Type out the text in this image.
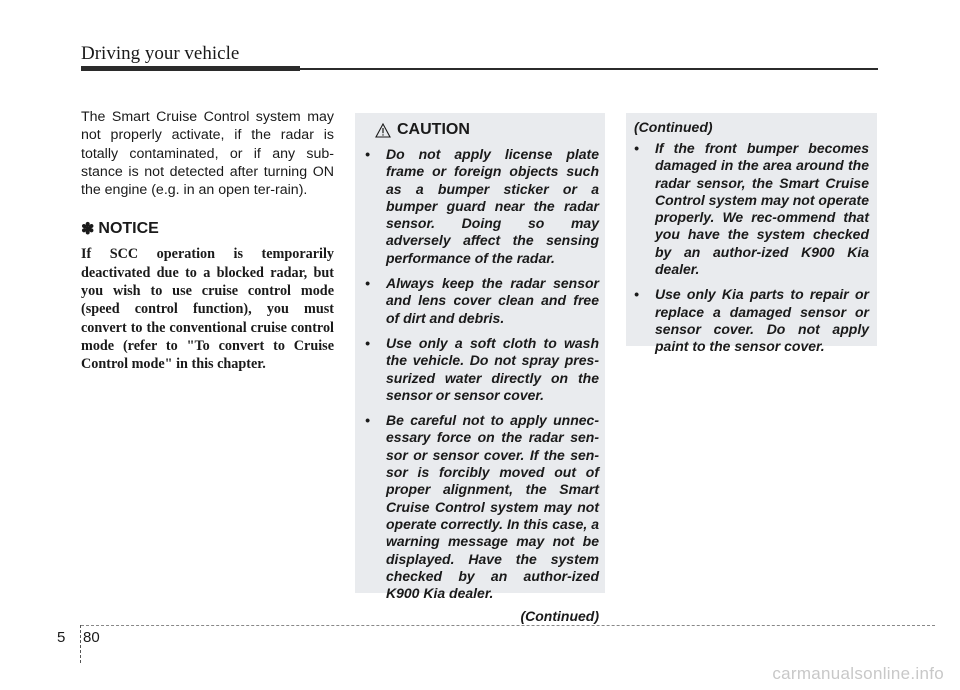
Driving your vehicle

The Smart Cruise Control system may not properly activate, if the radar is totally contaminated, or if any sub-stance is not detected after turning ON the engine (e.g. in an open ter-rain).

✽ NOTICE
If SCC operation is temporarily deactivated due to a blocked radar, but you wish to use cruise control mode (speed control function), you must convert to the conventional cruise control mode (refer to "To convert to Cruise Control mode" in this chapter.
CAUTION
• Do not apply license plate frame or foreign objects such as a bumper sticker or a bumper guard near the radar sensor. Doing so may adversely affect the sensing performance of the radar.
• Always keep the radar sensor and lens cover clean and free of dirt and debris.
• Use only a soft cloth to wash the vehicle. Do not spray pres-surized water directly on the sensor or sensor cover.
• Be careful not to apply unnec-essary force on the radar sen-sor or sensor cover. If the sen-sor is forcibly moved out of proper alignment, the Smart Cruise Control system may not operate correctly. In this case, a warning message may not be displayed. Have the system checked by an author-ized K900 Kia dealer.
(Continued)
(Continued)
• If the front bumper becomes damaged in the area around the radar sensor, the Smart Cruise Control system may not operate properly. We rec-ommend that you have the system checked by an author-ized K900 Kia dealer.
• Use only Kia parts to repair or replace a damaged sensor or sensor cover. Do not apply paint to the sensor cover.
5 80
carmanualsonline.info
